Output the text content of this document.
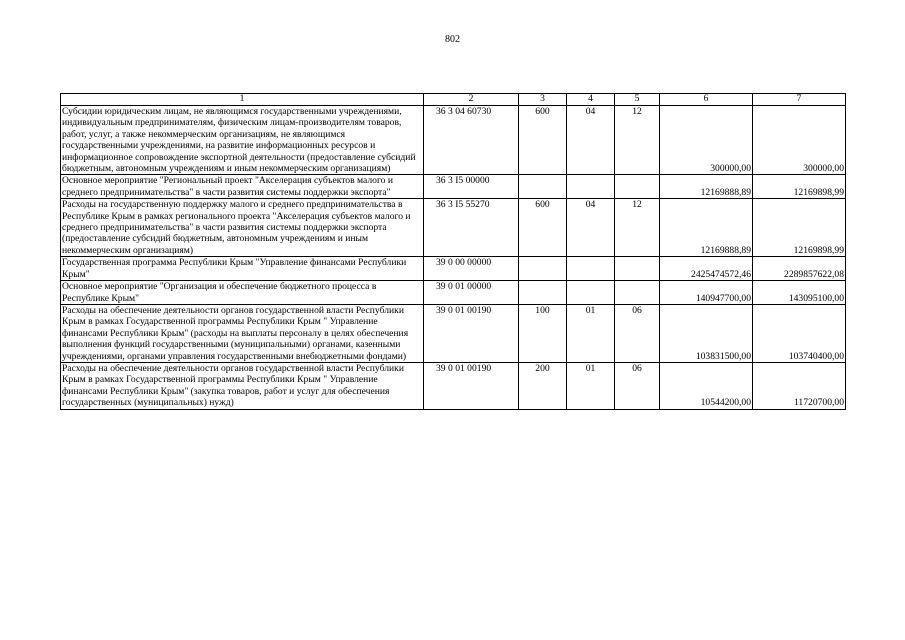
802
1	2	3	4	5	6	7
Субсидии юридическим лицам, не являющимся государственными учреждениями, индивидуальным предпринимателям, физическим лицам-производителям товаров, работ, услуг, а также некоммерческим организациям, не являющимся государственными учреждениями, на развитие информационных ресурсов и информационное сопровождение экспортной деятельности (предоставление субсидий бюджетным, автономным учреждениям и иным некоммерческим организациям)	36 3 04 60730	600	04	12	300000,00	300000,00
Основное мероприятие "Региональный проект "Акселерация субъектов малого и среднего предпринимательства" в части развития системы поддержки экспорта"	36 3 I5 00000				12169888,89	12169898,99
Расходы на государственную поддержку малого и среднего предпринимательства в Республике Крым в рамках регионального проекта "Акселерация субъектов малого и среднего предпринимательства" в части развития системы поддержки экспорта (предоставление субсидий бюджетным, автономным учреждениям и иным некоммерческим организациям)	36 3 I5 55270	600	04	12	12169888,89	12169898,99
Государственная программа Республики Крым "Управление финансами Республики Крым"	39 0 00 00000				2425474572,46	2289857622,08
Основное мероприятие "Организация и обеспечение бюджетного процесса в Республике Крым"	39 0 01 00000				140947700,00	143095100,00
Расходы на обеспечение деятельности органов государственной власти Республики Крым в рамках Государственной программы Республики Крым " Управление финансами Республики Крым" (расходы на выплаты персоналу в целях обеспечения выполнения функций государственными (муниципальными) органами, казенными учреждениями, органами управления государственными внебюджетными фондами)	39 0 01 00190	100	01	06	103831500,00	103740400,00
Расходы на обеспечение деятельности органов государственной власти Республики Крым в рамках Государственной программы Республики Крым " Управление финансами Республики Крым" (закупка товаров, работ и услуг для обеспечения государственных (муниципальных) нужд)	39 0 01 00190	200	01	06	10544200,00	11720700,00
